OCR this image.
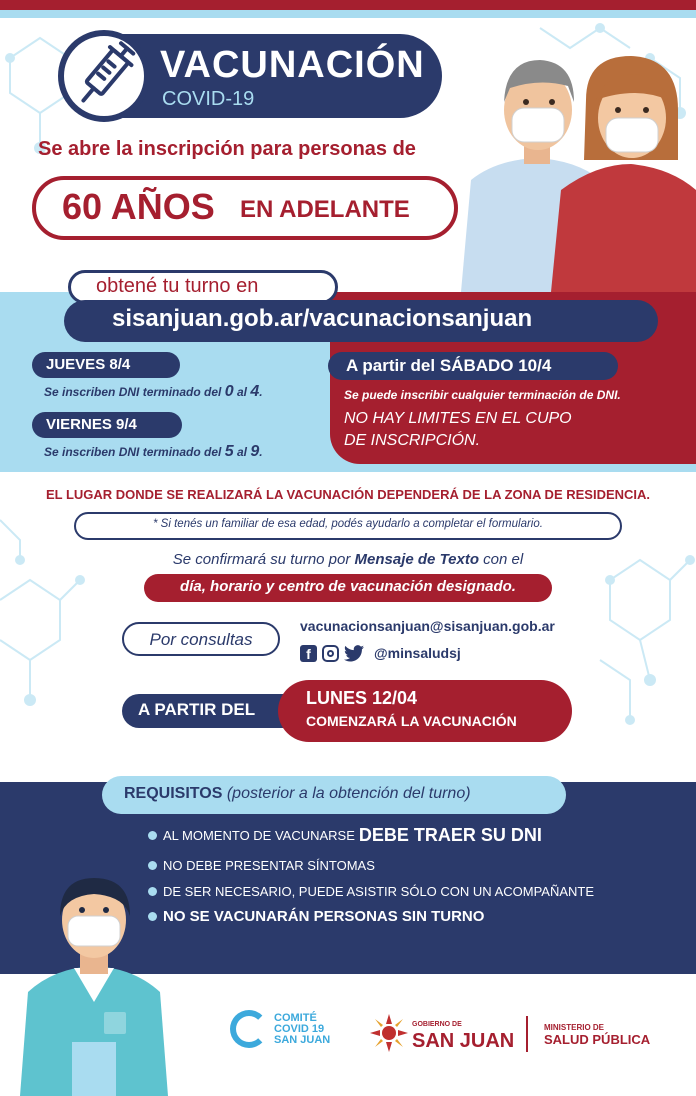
VACUNACIÓN
COVID-19
Se abre la inscripción para personas de
60 AÑOS EN ADELANTE
obtené tu turno en
sisanjuan.gob.ar/vacunacionsanjuan
JUEVES 8/4
Se inscriben DNI terminado del 0 al 4.
VIERNES 9/4
Se inscriben DNI terminado del 5 al 9.
A partir del SÁBADO 10/4
Se puede inscribir cualquier terminación de DNI.
NO HAY LIMITES EN EL CUPO
DE INSCRIPCIÓN.
EL LUGAR DONDE SE REALIZARÁ LA VACUNACIÓN DEPENDERÁ DE LA ZONA DE RESIDENCIA.
* Si tenés un familiar de esa edad, podés ayudarlo a completar el formulario.
Se confirmará su turno por Mensaje de Texto con el
día, horario y centro de vacunación designado.
Por consultas
vacunacionsanjuan@sisanjuan.gob.ar
f	@minsaludsj
A PARTIR DEL
LUNES 12/04
COMENZARÁ LA VACUNACIÓN
REQUISITOS (posterior a la obtención del turno)
AL MOMENTO DE VACUNARSE DEBE TRAER SU DNI
NO DEBE PRESENTAR SÍNTOMAS
DE SER NECESARIO, PUEDE ASISTIR SÓLO CON UN ACOMPAÑANTE
NO SE VACUNARÁN PERSONAS SIN TURNO
COMITÉ
COVID 19
SAN JUAN
GOBIERNO DE
SAN JUAN
MINISTERIO DE
SALUD PÚBLICA
